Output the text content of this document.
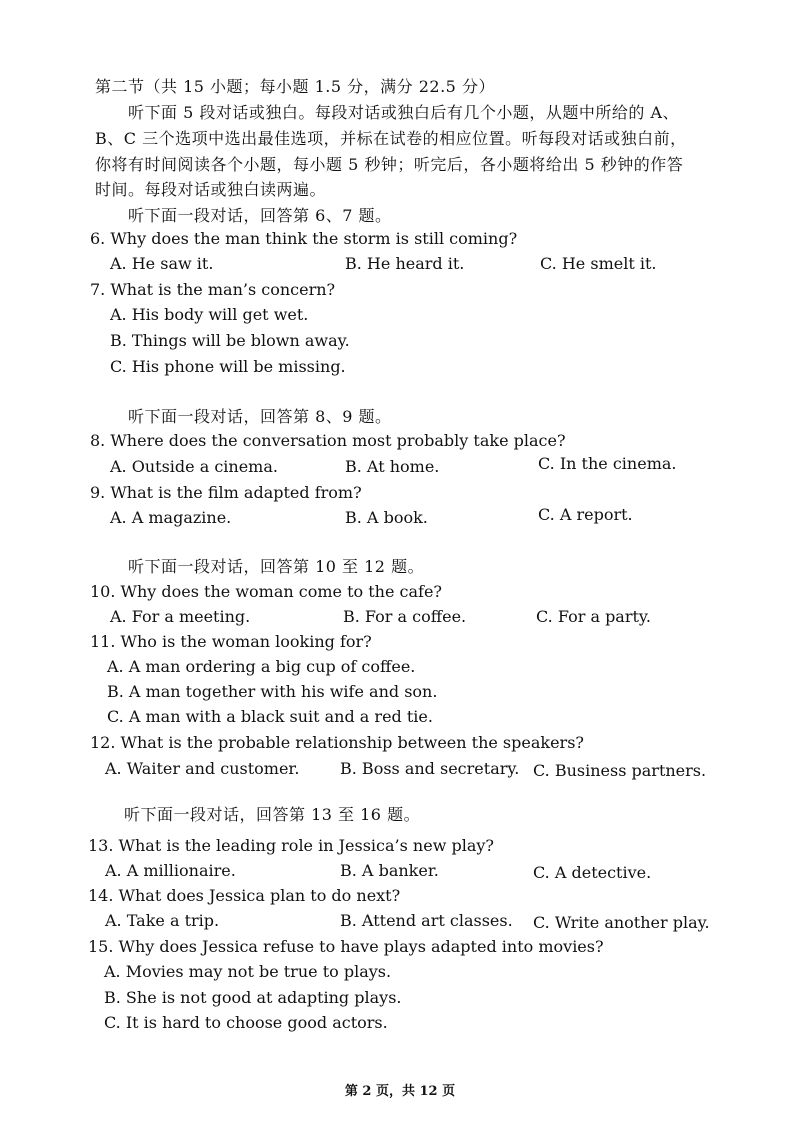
第二节（共 15 小题；每小题 1.5 分，满分 22.5 分）
听下面 5 段对话或独白。每段对话或独白后有几个小题，从题中所给的 A、
B、C 三个选项中选出最佳选项，并标在试卷的相应位置。听每段对话或独白前，
你将有时间阅读各个小题，每小题 5 秒钟；听完后，各小题将给出 5 秒钟的作答
时间。每段对话或独白读两遍。
听下面一段对话，回答第 6、7 题。
6. Why does the man think the storm is still coming?
A. He saw it.	B. He heard it.	C. He smelt it.
7. What is the man’s concern?
A. His body will get wet.
B. Things will be blown away.
C. His phone will be missing.
听下面一段对话，回答第 8、9 题。
8. Where does the conversation most probably take place?
A. Outside a cinema.	B. At home.	C. In the cinema.
9. What is the film adapted from?
A. A magazine.	B. A book.	C. A report.
听下面一段对话，回答第 10 至 12 题。
10. Why does the woman come to the cafe?
A. For a meeting.	B. For a coffee.	C. For a party.
11. Who is the woman looking for?
A. A man ordering a big cup of coffee.
B. A man together with his wife and son.
C. A man with a black suit and a red tie.
12. What is the probable relationship between the speakers?
A. Waiter and customer.	B. Boss and secretary. C. Business partners.
听下面一段对话，回答第 13 至 16 题。
13. What is the leading role in Jessica’s new play?
A. A millionaire.	B. A banker.	C. A detective.
14. What does Jessica plan to do next?
A. Take a trip.	B. Attend art classes. C. Write another play.
15. Why does Jessica refuse to have plays adapted into movies?
A. Movies may not be true to plays.
B. She is not good at adapting plays.
C. It is hard to choose good actors.
第 2 页，共 12 页
